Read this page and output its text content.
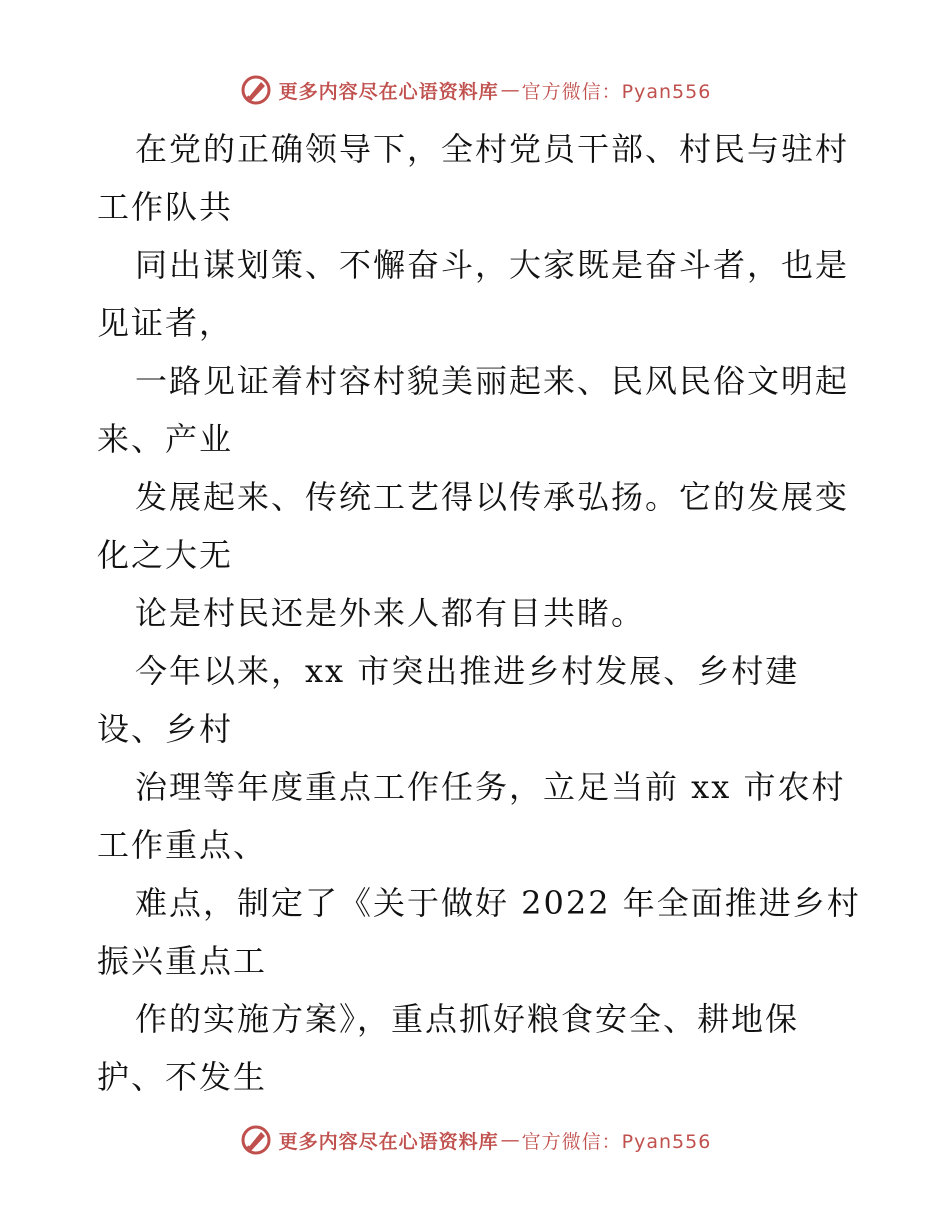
更多内容尽在心语资料库 — 官方微信：Pyan556
在党的正确领导下，全村党员干部、村民与驻村
工作队共
同出谋划策、不懈奋斗，大家既是奋斗者，也是
见证者，
一路见证着村容村貌美丽起来、民风民俗文明起
来、产业
发展起来、传统工艺得以传承弘扬。它的发展变
化之大无
论是村民还是外来人都有目共睹。
今年以来，xx 市突出推进乡村发展、乡村建
设、乡村
治理等年度重点工作任务，立足当前 xx 市农村
工作重点、
难点，制定了《关于做好 2022 年全面推进乡村
振兴重点工
作的实施方案》，重点抓好粮食安全、耕地保
护、不发生
更多内容尽在心语资料库 — 官方微信：Pyan556
